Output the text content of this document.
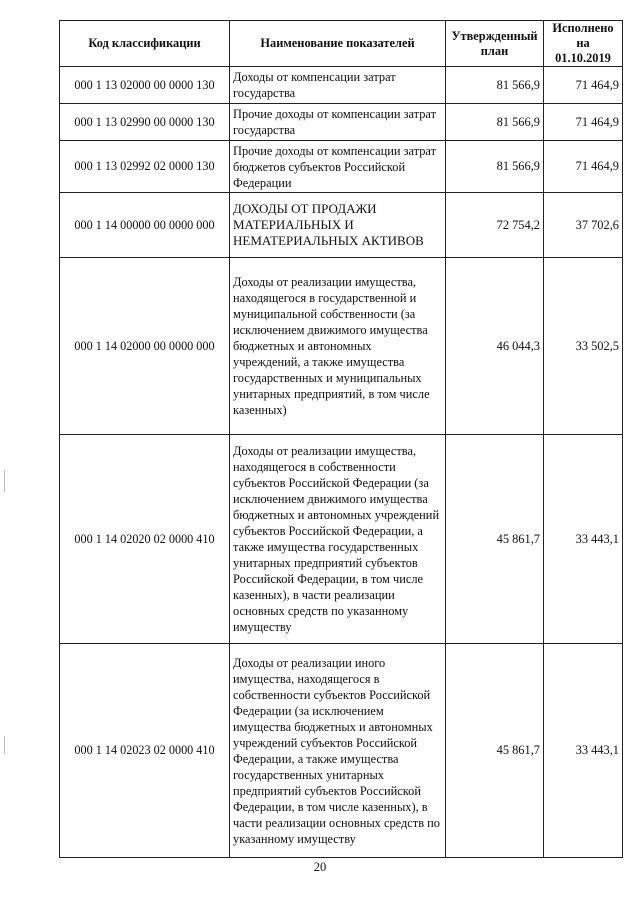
Код классификации	Наименование показателей	Утвержденный план	Исполнено на 01.10.2019
000 1 13 02000 00 0000 130	Доходы от компенсации затрат государства	81 566,9	71 464,9
000 1 13 02990 00 0000 130	Прочие доходы от компенсации затрат государства	81 566,9	71 464,9
000 1 13 02992 02 0000 130	Прочие доходы от компенсации затрат бюджетов субъектов Российской Федерации	81 566,9	71 464,9
000 1 14 00000 00 0000 000	ДОХОДЫ ОТ ПРОДАЖИ МАТЕРИАЛЬНЫХ И НЕМАТЕРИАЛЬНЫХ АКТИВОВ	72 754,2	37 702,6
000 1 14 02000 00 0000 000	Доходы от реализации имущества, находящегося в государственной и муниципальной собственности (за исключением движимого имущества бюджетных и автономных учреждений, а также имущества государственных и муниципальных унитарных предприятий, в том числе казенных)	46 044,3	33 502,5
000 1 14 02020 02 0000 410	Доходы от реализации имущества, находящегося в собственности субъектов Российской Федерации (за исключением движимого имущества бюджетных и автономных учреждений субъектов Российской Федерации, а также имущества государственных унитарных предприятий субъектов Российской Федерации, в том числе казенных), в части реализации основных средств по указанному имуществу	45 861,7	33 443,1
000 1 14 02023 02 0000 410	Доходы от реализации иного имущества, находящегося в собственности субъектов Российской Федерации (за исключением имущества бюджетных и автономных учреждений субъектов Российской Федерации, а также имущества государственных унитарных предприятий субъектов Российской Федерации, в том числе казенных), в части реализации основных средств по указанному имуществу	45 861,7	33 443,1
20
